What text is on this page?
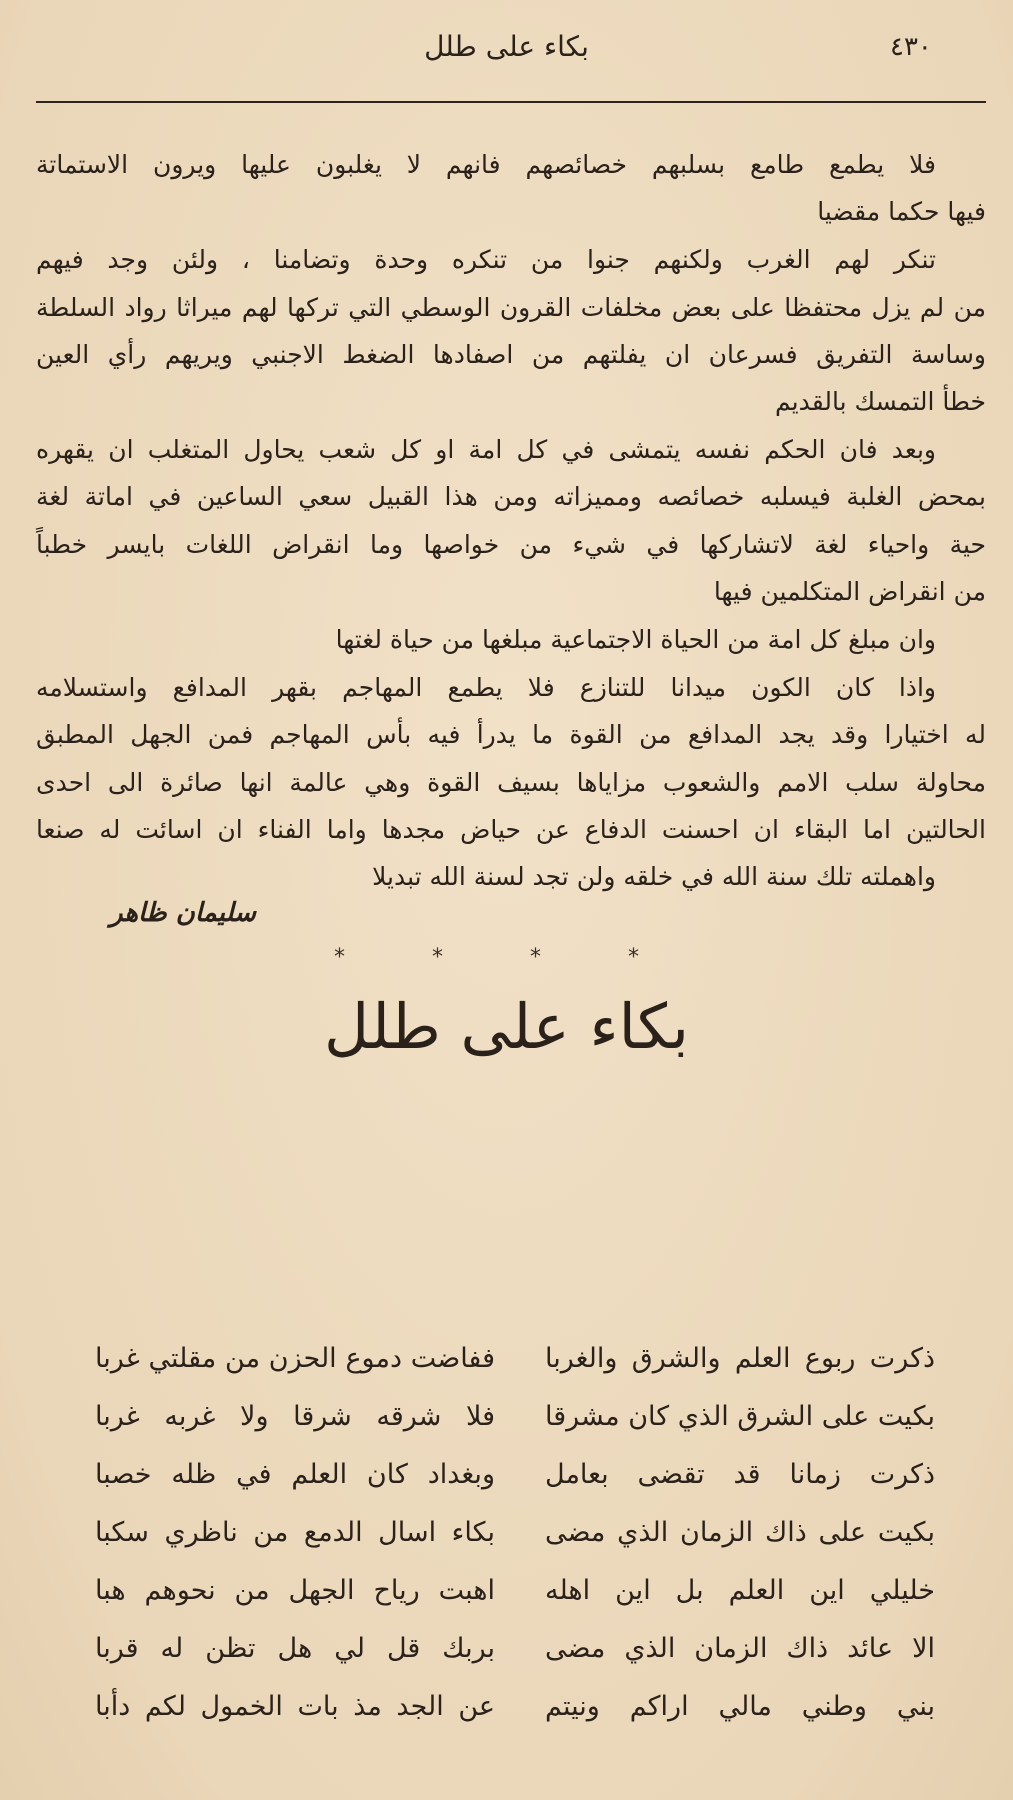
بكاء على طلل	٤٣٠
فلا يطمع طامع بسلبهم خصائصهم فانهم لا يغلبون عليها ويرون الاستماتة
فيها حكما مقضيا
تنكر لهم الغرب ولكنهم جنوا من تنكره وحدة وتضامنا ، ولئن وجد فيهم
من لم يزل محتفظا على بعض مخلفات القرون الوسطي التي تركها لهم ميراثا رواد السلطة
وساسة التفريق فسرعان ان يفلتهم من اصفادها الضغط الاجنبي ويريهم رأي العين
خطأ التمسك بالقديم
وبعد فان الحكم نفسه يتمشى في كل امة او كل شعب يحاول المتغلب ان يقهره
بمحض الغلبة فيسلبه خصائصه ومميزاته ومن هذا القبيل سعي الساعين في اماتة لغة
حية واحياء لغة لاتشاركها في شيء من خواصها وما انقراض اللغات بايسر خطباً
من انقراض المتكلمين فيها
وان مبلغ كل امة من الحياة الاجتماعية مبلغها من حياة لغتها
واذا كان الكون ميدانا للتنازع فلا يطمع المهاجم بقهر المدافع واستسلامه
له اختيارا وقد يجد المدافع من القوة ما يدرأ فيه بأس المهاجم فمن الجهل المطبق
محاولة سلب الامم والشعوب مزاياها بسيف القوة وهي عالمة انها صائرة الى احدى
الحالتين اما البقاء ان احسنت الدفاع عن حياض مجدها واما الفناء ان اسائت له صنعا
واهملته تلك سنة الله في خلقه ولن تجد لسنة الله تبديلا
سليمان ظاهر
* * * *
بكاء على طلل
ذكرت ربوع العلم والشرق والغربا
ففاضت دموع الحزن من مقلتي غربا
بكيت على الشرق الذي كان مشرقا
فلا شرقه شرقا ولا غربه غربا
ذكرت زمانا قد تقضى بعامل
وبغداد كان العلم في ظله خصبا
بكيت على ذاك الزمان الذي مضى
بكاء اسال الدمع من ناظري سكبا
خليلي اين العلم بل اين اهله
اهبت رياح الجهل من نحوهم هبا
الا عائد ذاك الزمان الذي مضى
بربك قل لي هل تظن له قربا
بني وطني مالي اراكم ونيتم
عن الجد مذ بات الخمول لكم دأبا
